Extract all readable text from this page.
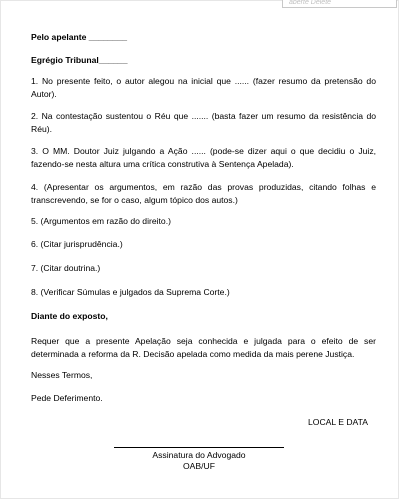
aberte Delete
Pelo apelante ________
Egrégio Tribunal______
1. No presente feito, o autor alegou na inicial que ...... (fazer resumo da pretensão do Autor).
2. Na contestação sustentou o Réu que ....... (basta fazer um resumo da resistência do Réu).
3. O MM. Doutor Juiz julgando a Ação ...... (pode-se dizer aqui o que decidiu o Juiz, fazendo-se nesta altura uma crítica construtiva à Sentença Apelada).
4. (Apresentar os argumentos, em razão das provas produzidas, citando folhas e transcrevendo, se for o caso, algum tópico dos autos.)
5. (Argumentos em razão do direito.)
6. (Citar jurisprudência.)
7. (Citar doutrina.)
8. (Verificar Súmulas e julgados da Suprema Corte.)
Diante do exposto,
Requer que a presente Apelação seja conhecida e julgada para o efeito de ser determinada a reforma da R. Decisão apelada como medida da mais perene Justiça.
Nesses Termos,
Pede Deferimento.
LOCAL E DATA
Assinatura do Advogado
OAB/UF
